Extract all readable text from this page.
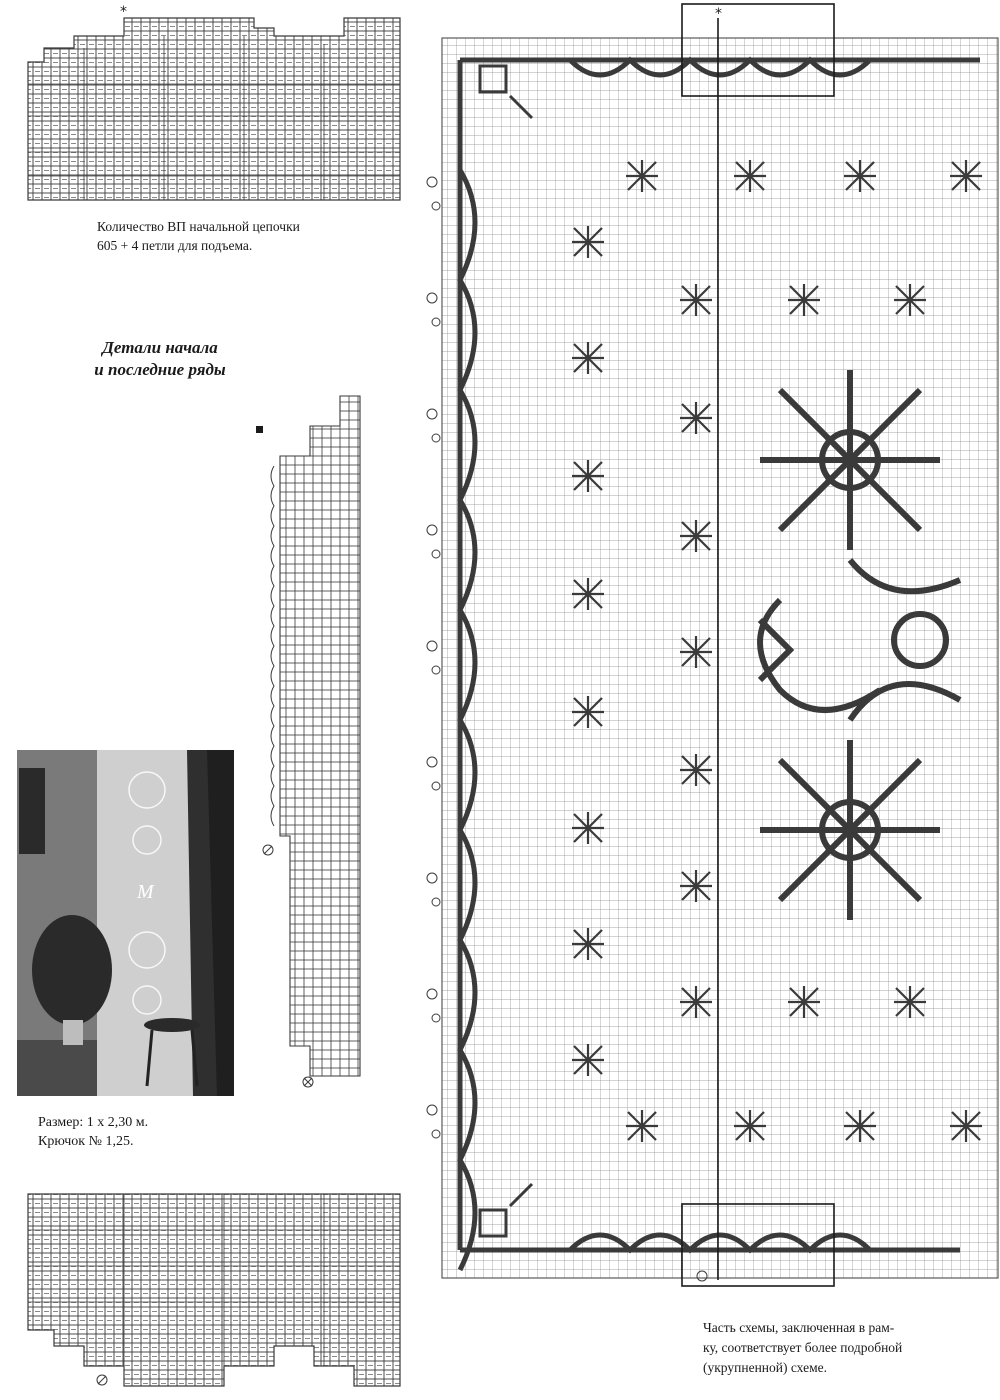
*
Количество ВП начальной цепочки
605 + 4 петли для подъема.
Детали начала
и последние ряды
M
Размер: 1 х 2,30 м.
Крючок № 1,25.
*
Часть схемы, заключенная в рам-
ку, соответствует более подробной
(укрупненной) схеме.
